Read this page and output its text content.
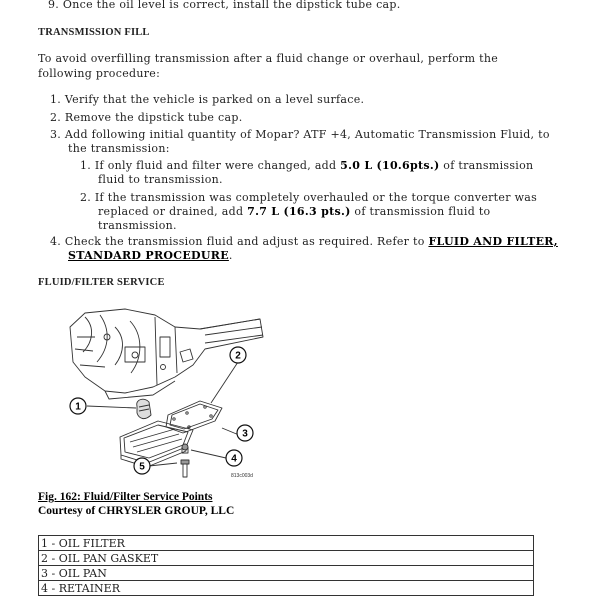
9. Once the oil level is correct, install the dipstick tube cap.
TRANSMISSION FILL
To avoid overfilling transmission after a fluid change or overhaul, perform the
following procedure:
1. Verify that the vehicle is parked on a level surface.
2. Remove the dipstick tube cap.
3. Add following initial quantity of Mopar? ATF +4, Automatic Transmission Fluid, to
the transmission:
1. If only fluid and filter were changed, add 5.0 L (10.6pts.) of transmission
fluid to transmission.
2. If the transmission was completely overhauled or the torque converter was
replaced or drained, add 7.7 L (16.3 pts.) of transmission fluid to
transmission.
4. Check the transmission fluid and adjust as required. Refer to FLUID AND FILTER,
STANDARD PROCEDURE.
FLUID/FILTER SERVICE
1
2
3
4
5
813c003d
Fig. 162: Fluid/Filter Service Points
Courtesy of CHRYSLER GROUP, LLC
1 - OIL FILTER
2 - OIL PAN GASKET
3 - OIL PAN
4 - RETAINER
